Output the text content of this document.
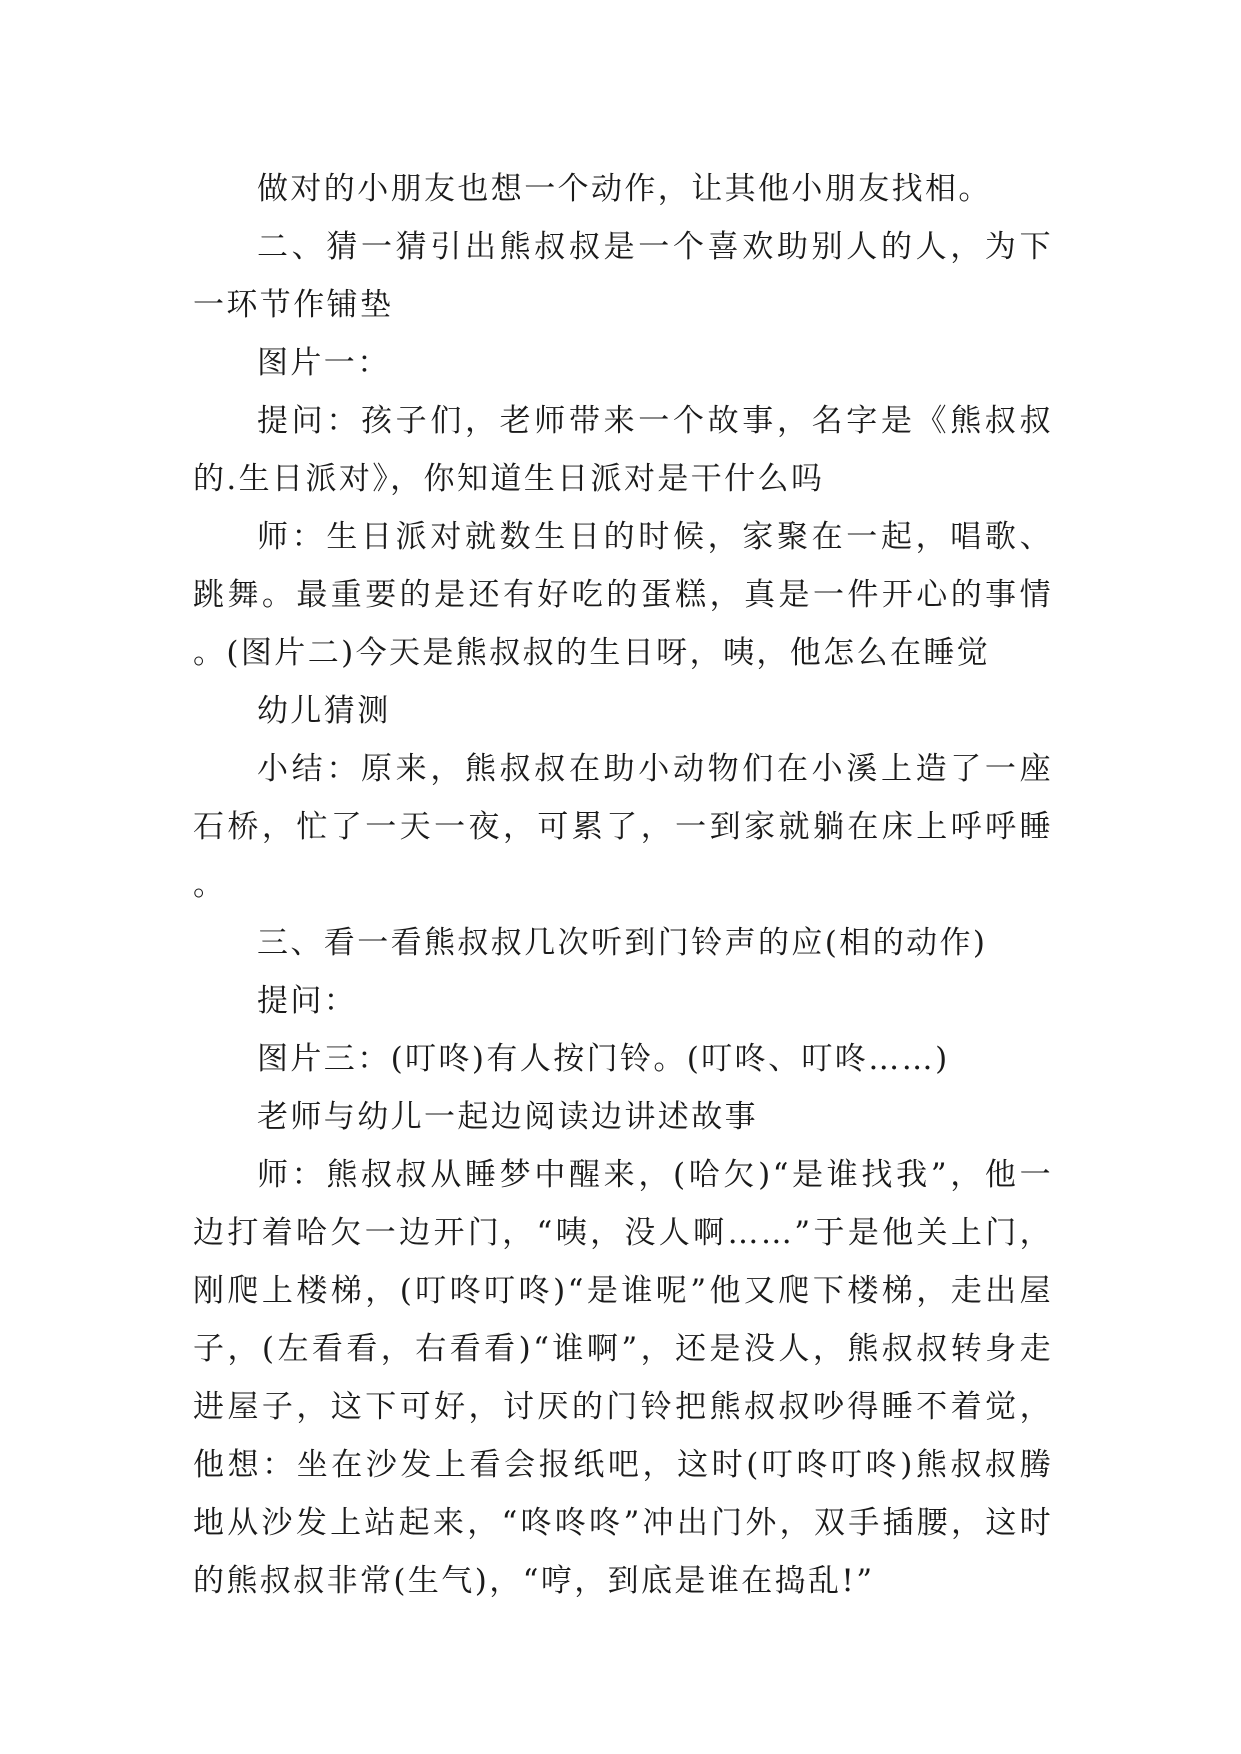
做对的小朋友也想一个动作，让其他小朋友找相。

二、猜一猜引出熊叔叔是一个喜欢助别人的人，为下一环节作铺垫

图片一：

提问：孩子们，老师带来一个故事，名字是《熊叔叔的.生日派对》，你知道生日派对是干什么吗

师：生日派对就数生日的时候，家聚在一起，唱歌、跳舞。最重要的是还有好吃的蛋糕，真是一件开心的事情。(图片二)今天是熊叔叔的生日呀，咦，他怎么在睡觉

幼儿猜测

小结：原来，熊叔叔在助小动物们在小溪上造了一座石桥，忙了一天一夜，可累了，一到家就躺在床上呼呼睡。

三、看一看熊叔叔几次听到门铃声的应(相的动作)

提问：

图片三：(叮咚)有人按门铃。(叮咚、叮咚……)

老师与幼儿一起边阅读边讲述故事

师：熊叔叔从睡梦中醒来，(哈欠)“是谁找我”，他一边打着哈欠一边开门，“咦，没人啊……”于是他关上门，刚爬上楼梯，(叮咚叮咚)“是谁呢”他又爬下楼梯，走出屋子，(左看看，右看看)“谁啊”，还是没人，熊叔叔转身走进屋子，这下可好，讨厌的门铃把熊叔叔吵得睡不着觉，他想：坐在沙发上看会报纸吧，这时(叮咚叮咚)熊叔叔腾地从沙发上站起来，“咚咚咚”冲出门外，双手插腰，这时的熊叔叔非常(生气)，“哼，到底是谁在捣乱!”
